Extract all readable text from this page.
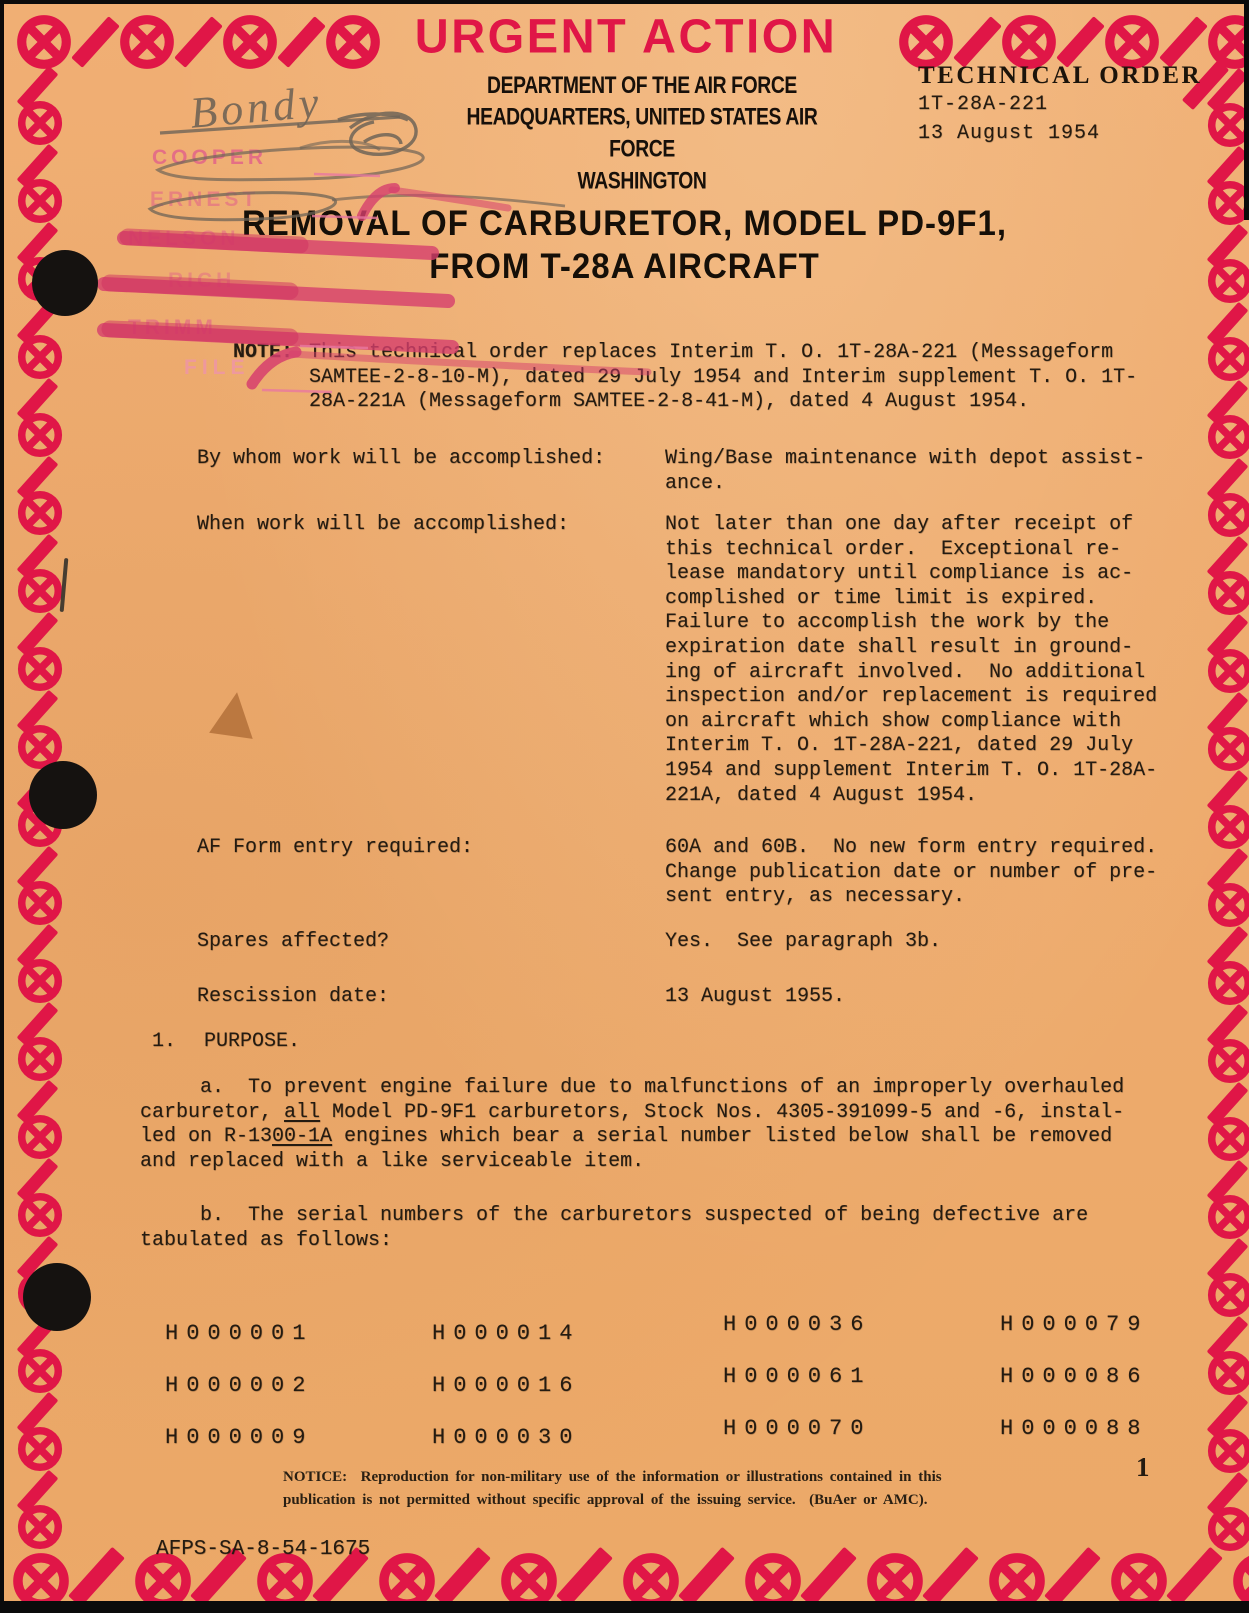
URGENT ACTION
DEPARTMENT OF THE AIR FORCE
HEADQUARTERS, UNITED STATES AIR FORCE
WASHINGTON
TECHNICAL ORDER
1T-28A-221
13 August 1954
REMOVAL OF CARBURETOR, MODEL PD-9F1,
FROM T-28A AIRCRAFT
NOTE: This technical order replaces Interim T. O. 1T-28A-221 (Messageform
SAMTEE-2-8-10-M), dated 29 July 1954 and Interim supplement T. O. 1T-
28A-221A (Messageform SAMTEE-2-8-41-M), dated 4 August 1954.
By whom work will be accomplished:	Wing/Base maintenance with depot assist-
ance.
When work will be accomplished:	Not later than one day after receipt of
this technical order.  Exceptional re-
lease mandatory until compliance is ac-
complished or time limit is expired.
Failure to accomplish the work by the
expiration date shall result in ground-
ing of aircraft involved.  No additional
inspection and/or replacement is required
on aircraft which show compliance with
Interim T. O. 1T-28A-221, dated 29 July
1954 and supplement Interim T. O. 1T-28A-
221A, dated 4 August 1954.
AF Form entry required:	60A and 60B.  No new form entry required.
Change publication date or number of pre-
sent entry, as necessary.
Spares affected?	Yes.  See paragraph 3b.
Rescission date:	13 August 1955.
1. PURPOSE.
a.  To prevent engine failure due to malfunctions of an improperly overhauled
carburetor, all Model PD-9F1 carburetors, Stock Nos. 4305-391099-5 and -6, instal-
led on R-1300-1A engines which bear a serial number listed below shall be removed
and replaced with a like serviceable item.
b.  The serial numbers of the carburetors suspected of being defective are
tabulated as follows:
H000001	H000014	H000036	H000079
H000002	H000016	H000061	H000086
H000009	H000030	H000070	H000088
NOTICE:  Reproduction for non-military use of the information or illustrations contained in this
publication is not permitted without specific approval of the issuing service.  (BuAer or AMC).
1
AFPS-SA-8-54-1675
COOPER
ERNEST
NELSON
RICH
TRIMM
FILE
Bondy
